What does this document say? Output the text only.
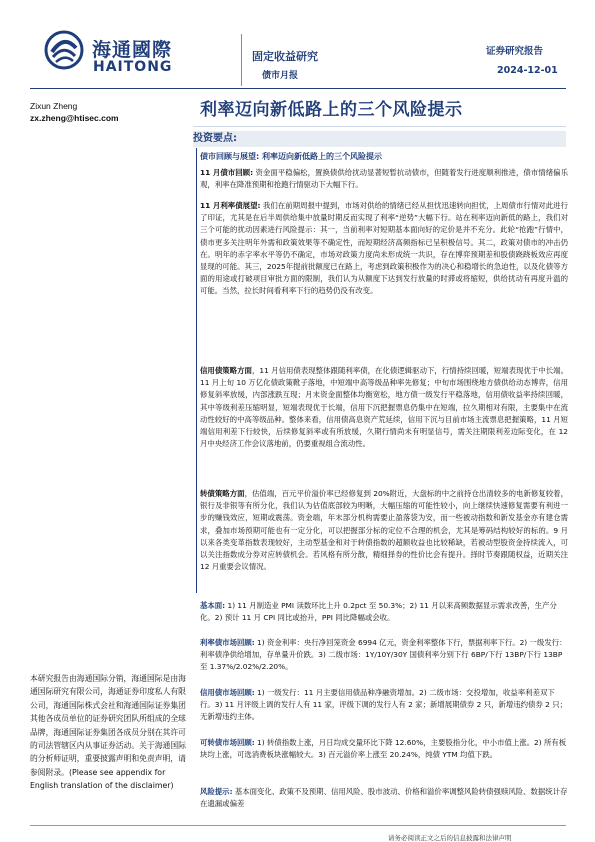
海通國際
HAITONG
固定收益研究
债市月报
证券研究报告
2024-12-01
Zixun Zheng
zx.zheng@htisec.com	利率迈向新低路上的三个风险提示
投资要点:
债市回顾与展望: 利率迈向新低路上的三个风险提示
11 月债市回顾: 资金面平稳偏松，置换债供给扰动显著短暂抗动债市，但随着发行进度顺利推进，债市情绪偏乐观，利率在降准预期和抢跑行情驱动下大幅下行。
11 月利率债展望: 我们在前期周报中提到，市场对供给的情绪已经从担忧迅速转向担忧，上周债市行情对此进行了印证，尤其是在后半周供给集中放量时期反而实现了利率“逆势”大幅下行。站在利率迈向新低的路上，我们对三个可能的扰动因素进行风险提示：其一，当前利率对短期基本面向好的定价是并不充分。此轮“抢跑”行情中，债市更多关注明年外需和政策效果等不确定性，而短期经济高频指标已呈积极信号。其二，政策对债市的冲击仍在。明年的赤字率水平等仍不确定，市场对政策力度尚未形成统一共识，存在博弈预期差和股债跷跷板效应再度显现的可能。其三，2025年提前批额度已在路上，考虑到政策积极作为的决心和稳增长的急迫性，以及化债等方面的用途或打破项目审批方面的限制，我们认为从额度下达到发行放量的时滞或将缩短，供给扰动有再度升温的可能。当然，拉长时间看利率下行的趋势仍没有改变。
信用债策略方面，11 月信用债表现整体跟随利率债，在化债逻辑驱动下，行情持续回暖，短端表现优于中长端。11 月上旬 10 万亿化债政策靴子落地，中短端中高等级品种率先修复；中旬市场围绕地方债供给动态博弈，信用修复斜率放缓，内部涨跌互现；月末资金面整体均衡宽松，地方债一级发行平稳落地，信用债收益率持续回暖，其中等级利差压缩明显，短端表现优于长端，信用下沉把握票息仍集中在短端，拉久期相对有限，主要集中在流动性较好的中高等级品种。整体来看，信用债高息资产荒延续，信用下沉与目前市场主流票息把握策略，11 月短端信用利差下行较快，后续修复斜率或有所放缓，久期行情尚未有明显信号，需关注期限利差边际变化，在 12 月中央经济工作会议落地前，仍要重视组合流动性。
转债策略方面，估值端，百元平价溢价率已经修复到 20%附近，大盘标的中之前持仓出清较多的电新修复较着，银行及非银等有所分化，我们认为估值底部较为明晰，大幅压缩的可能性较小，向上继续快速修复需要有利进一步的赚钱效应，短期或震荡。资金端，年末部分机构需要止盈落袋为安，而一些被动指数和新发基金亦有建仓需求，叠加市场预期可能也有一定分化，可以把握部分标的定位不合理的机会，尤其是筹码结构较好的标的。9 月以来各类变革指数表现较好，主动型基金和对于转债指数的超额收益也比较稀缺，若被动型股资金持续流入，可以关注指数成分券对应转债机会。若风格有所分散，精细择券的性价比会有提升。择时节奏跟随权益，近期关注 12 月重要会议情况。
基本面: 1) 11 月制造业 PMI 读数环比上升 0.2pct 至 50.3%；2) 11 月以来高频数据显示需求改善，生产分化。2) 预计 11 月 CPI 同比或抬升，PPI 同比降幅或会收。
利率债市场回顾: 1) 资金利率：央行净回笼资金 6994 亿元，资金利率整体下行，票据利率下行。2) 一级发行：利率债净供给增加，存单量升价跌。3) 二级市场：1Y/10Y/30Y 国债利率分别下行 6BP/下行 13BP/下行 13BP 至 1.37%/2.02%/2.20%。
信用债市场回顾: 1) 一级发行：11 月主要信用债品种净融资增加。2) 二级市场：交投增加，收益率利差双下行。3) 11 月评级上调的发行人有 11 家，评级下调的发行人有 2 家；新增展期债券 2 只，新增违约债券 2 只；无新增违约主体。
可转债市场回顾: 1) 转债指数上涨，月日均成交量环比下降 12.60%，主要股指分化，中小市值上涨。2) 所有板块均上涨，可选消费板块涨幅较大。3) 百元溢价率上涨至 20.24%，纯债 YTM 均值下跌。
风险提示: 基本面变化、政策不及预期、信用风险、股市波动、价格和溢价率调整风险转债强赎风险、数据统计存在遗漏或偏差
本研究报告由海通国际分销，海通国际是由海通国际研究有限公司，海通证券印度私人有限公司，海通国际株式会社和海通国际证券集团其他各成员单位的证券研究团队所组成的全球品牌，海通国际证券集团各成员分别在其许可的司法管辖区内从事证券活动。关于海通国际的分析师证明，重要披露声明和免责声明，请参阅附录。(Please see appendix for English translation of the disclaimer)
请务必阅读正文之后的信息披露和法律声明
